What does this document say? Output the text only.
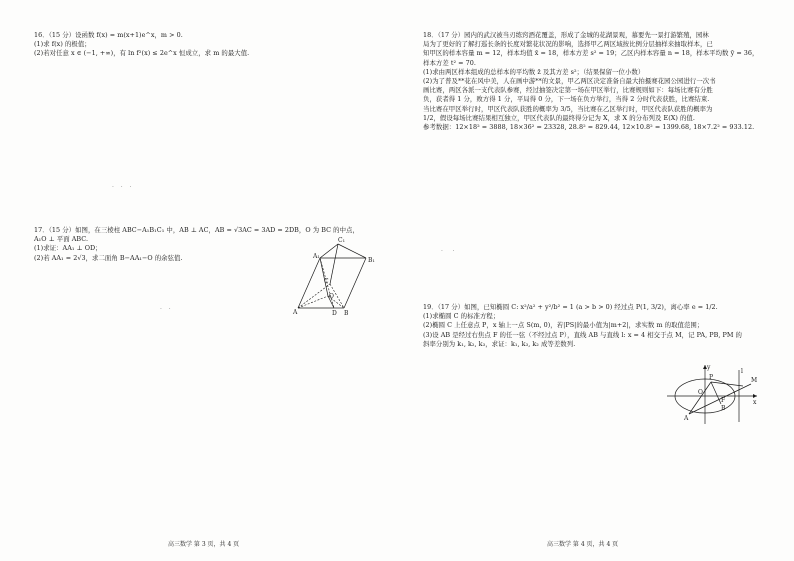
16．（15 分）设函数 f(x) = m(x+1)e^x，m > 0.
(1)求 f(x) 的极值；
(2)若对任意 x ∈ (−1, +∞)，有 ln f²(x) ≤ 2e^x 恒成立，求 m 的最大值.
·  ·  ·
17．（15 分）如图，在三棱柱 ABC−A₁B₁C₁ 中，AB ⊥ AC，AB = √3AC = 3AD = 2DB，O 为 BC 的中点，
A₁O ⊥ 平面 ABC.
(1)求证：AA₁ ⊥ OD；
(2)若 AA₁ = 2√3，求二面角 B−AA₁−O 的余弦值.
C₁
A₁
B₁
C
O
A	D B
·  ·
高三数学 第 3 页，共 4 页
18．（17 分）园内的武汉被当刃练窍酒花覆盖，形成了金城的花湖景观，慕要先一景打游繁殖，园林
局为了更好的了解打巡长条的长度对繁花状况的影响，选择甲乙两区域按比例分层抽样来抽取样本，已
知甲区的样本容量 m = 12，样本均值 x̄ = 18，样本方差 s² = 19；乙区内样本容量 n = 18，样本平均数 ȳ = 36，
样本方差 t² = 70.
(1)求由两区样本组成的总样本的平均数 z̄ 及其方差 s²；（结果保留一位小数）
(2)为了普及**花在风中美，人在画中游**的文景，甲乙两区决定准备自最大拍摄赛花园公园进行一次书
画比赛，两区各派一支代表队参赛，经过抽签决定第一场在甲区举行，比赛规则如下：每场比赛有分胜
负，获者得 1 分，败方得 1 分，平局得 0 分，下一场在负方举行，当得 2 分时代表获胜，比赛结束.
当比赛在甲区举行时，甲区代表队获胜的概率为 3/5，当比赛在乙区举行时，甲区代表队获胜的概率为
1/2，假设每场比赛结果相互独立，甲区代表队的最终得分记为 X，求 X 的分布列及 E(X) 的值.
参考数据：12×18² = 3888, 18×36² = 23328, 28.8² = 829.44, 12×10.8² = 1399.68, 18×7.2² = 933.12.
·   ·
19．（17 分）如图，已知椭圆 C: x²/a² + y²/b² = 1 (a > b > 0) 经过点 P(1, 3/2)，离心率 e = 1/2.
(1)求椭圆 C 的标准方程；
(2)椭圆 C 上任意点 P，x 轴上一点 S(m, 0)，若|PS|的最小值为|m+2|，求实数 m 的取值范围；
(3)设 AB 是经过右焦点 F 的任一弦（不经过点 P），直线 AB 与直线 l: x = 4 相交于点 M，记 PA, PB, PM 的
斜率分别为 k₁, k₂, k₃，求证：k₁, k₃, k₂ 成等差数列.
y
P
l
M
O
F	x
B
A
高三数学 第 4 页，共 4 页
